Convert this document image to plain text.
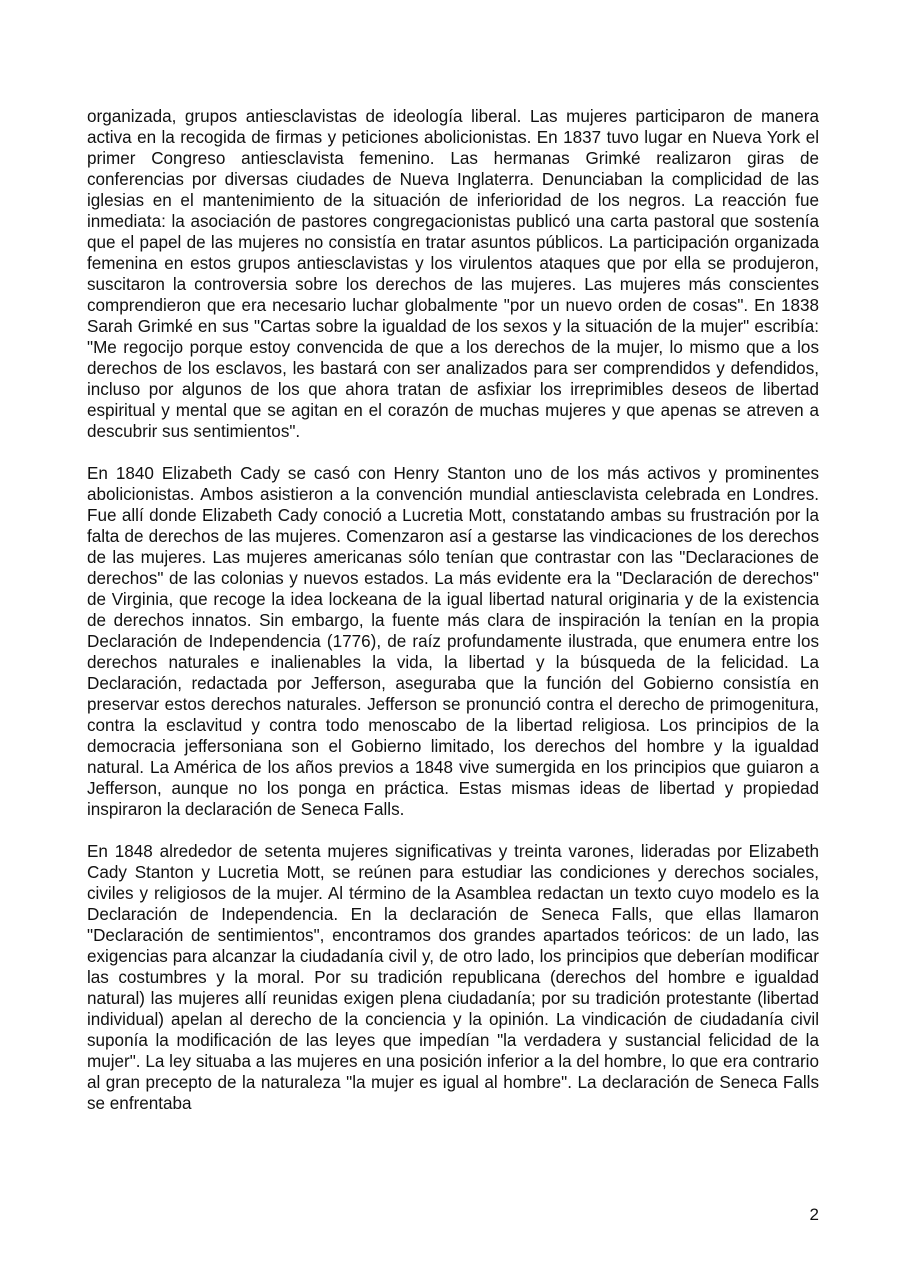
organizada, grupos antiesclavistas de ideología liberal. Las mujeres participaron de manera activa en la recogida de firmas y peticiones abolicionistas. En 1837 tuvo lugar en Nueva York el primer Congreso antiesclavista femenino. Las hermanas Grimké realizaron giras de conferencias por diversas ciudades de Nueva Inglaterra. Denunciaban la complicidad de las iglesias en el mantenimiento de la situación de inferioridad de los negros. La reacción fue inmediata: la asociación de pastores congregacionistas publicó una carta pastoral que sostenía que el papel de las mujeres no consistía en tratar asuntos públicos. La participación organizada femenina en estos grupos antiesclavistas y los virulentos ataques que por ella se produjeron, suscitaron la controversia sobre los derechos de las mujeres. Las mujeres más conscientes comprendieron que era necesario luchar globalmente "por un nuevo orden de cosas". En 1838 Sarah Grimké en sus "Cartas sobre la igualdad de los sexos y la situación de la mujer" escribía: "Me regocijo porque estoy convencida de que a los derechos de la mujer, lo mismo que a los derechos de los esclavos, les bastará con ser analizados para ser comprendidos y defendidos, incluso por algunos de los que ahora tratan de asfixiar los irreprimibles deseos de libertad espiritual y mental que se agitan en el corazón de muchas mujeres y que apenas se atreven a descubrir sus sentimientos".

En 1840 Elizabeth Cady se casó con Henry Stanton uno de los más activos y prominentes abolicionistas. Ambos asistieron a la convención mundial antiesclavista celebrada en Londres. Fue allí donde Elizabeth Cady conoció a Lucretia Mott, constatando ambas su frustración por la falta de derechos de las mujeres. Comenzaron así a gestarse las vindicaciones de los derechos de las mujeres. Las mujeres americanas sólo tenían que contrastar con las "Declaraciones de derechos" de las colonias y nuevos estados. La más evidente era la "Declaración de derechos" de Virginia, que recoge la idea lockeana de la igual libertad natural originaria y de la existencia de derechos innatos. Sin embargo, la fuente más clara de inspiración la tenían en la propia Declaración de Independencia (1776), de raíz profundamente ilustrada, que enumera entre los derechos naturales e inalienables la vida, la libertad y la búsqueda de la felicidad. La Declaración, redactada por Jefferson, aseguraba que la función del Gobierno consistía en preservar estos derechos naturales. Jefferson se pronunció contra el derecho de primogenitura, contra la esclavitud y contra todo menoscabo de la libertad religiosa. Los principios de la democracia jeffersoniana son el Gobierno limitado, los derechos del hombre y la igualdad natural. La América de los años previos a 1848 vive sumergida en los principios que guiaron a Jefferson, aunque no los ponga en práctica. Estas mismas ideas de libertad y propiedad inspiraron la declaración de Seneca Falls.

En 1848 alrededor de setenta mujeres significativas y treinta varones, lideradas por Elizabeth Cady Stanton y Lucretia Mott, se reúnen para estudiar las condiciones y derechos sociales, civiles y religiosos de la mujer. Al término de la Asamblea redactan un texto cuyo modelo es la Declaración de Independencia. En la declaración de Seneca Falls, que ellas llamaron "Declaración de sentimientos", encontramos dos grandes apartados teóricos: de un lado, las exigencias para alcanzar la ciudadanía civil y, de otro lado, los principios que deberían modificar las costumbres y la moral. Por su tradición republicana (derechos del hombre e igualdad natural) las mujeres allí reunidas exigen plena ciudadanía; por su tradición protestante (libertad individual) apelan al derecho de la conciencia y la opinión. La vindicación de ciudadanía civil suponía la modificación de las leyes que impedían "la verdadera y sustancial felicidad de la mujer". La ley situaba a las mujeres en una posición inferior a la del hombre, lo que era contrario al gran precepto de la naturaleza "la mujer es igual al hombre". La declaración de Seneca Falls se enfrentaba

2
